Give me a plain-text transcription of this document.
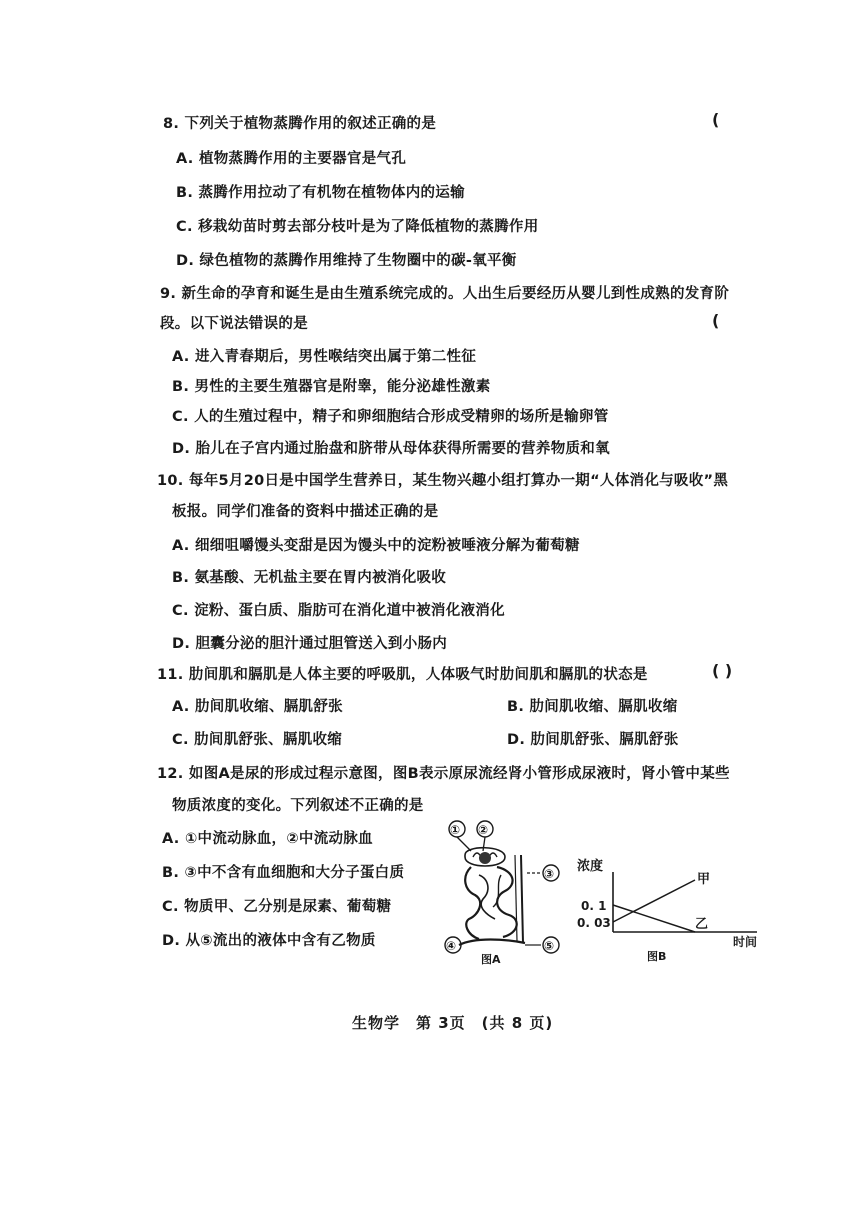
8. 下列关于植物蒸腾作用的叙述正确的是	(
A. 植物蒸腾作用的主要器官是气孔
B. 蒸腾作用拉动了有机物在植物体内的运输
C. 移栽幼苗时剪去部分枝叶是为了降低植物的蒸腾作用
D. 绿色植物的蒸腾作用维持了生物圈中的碳-氧平衡
9. 新生命的孕育和诞生是由生殖系统完成的。人出生后要经历从婴儿到性成熟的发育阶
段。以下说法错误的是	(
A. 进入青春期后，男性喉结突出属于第二性征
B. 男性的主要生殖器官是附睾，能分泌雄性激素
C. 人的生殖过程中，精子和卵细胞结合形成受精卵的场所是输卵管
D. 胎儿在子宫内通过胎盘和脐带从母体获得所需要的营养物质和氧
10. 每年5月20日是中国学生营养日，某生物兴趣小组打算办一期“人体消化与吸收”黑
板报。同学们准备的资料中描述正确的是
A. 细细咀嚼馒头变甜是因为馒头中的淀粉被唾液分解为葡萄糖
B. 氨基酸、无机盐主要在胃内被消化吸收
C. 淀粉、蛋白质、脂肪可在消化道中被消化液消化
D. 胆囊分泌的胆汁通过胆管送入到小肠内
11. 肋间肌和膈肌是人体主要的呼吸肌，人体吸气时肋间肌和膈肌的状态是	( )
A. 肋间肌收缩、膈肌舒张	B. 肋间肌收缩、膈肌收缩
C. 肋间肌舒张、膈肌收缩	D. 肋间肌舒张、膈肌舒张
12. 如图A是尿的形成过程示意图，图B表示原尿流经肾小管形成尿液时，肾小管中某些
物质浓度的变化。下列叙述不正确的是
A. ①中流动脉血，②中流动脉血
B. ③中不含有血细胞和大分子蛋白质
C. 物质甲、乙分别是尿素、葡萄糖
D. 从⑤流出的液体中含有乙物质
① ②
③
④	⑤
图A
浓度
0. 1
0. 03
甲
乙
时间
图B
生物学　第 3页　(共 8 页)
